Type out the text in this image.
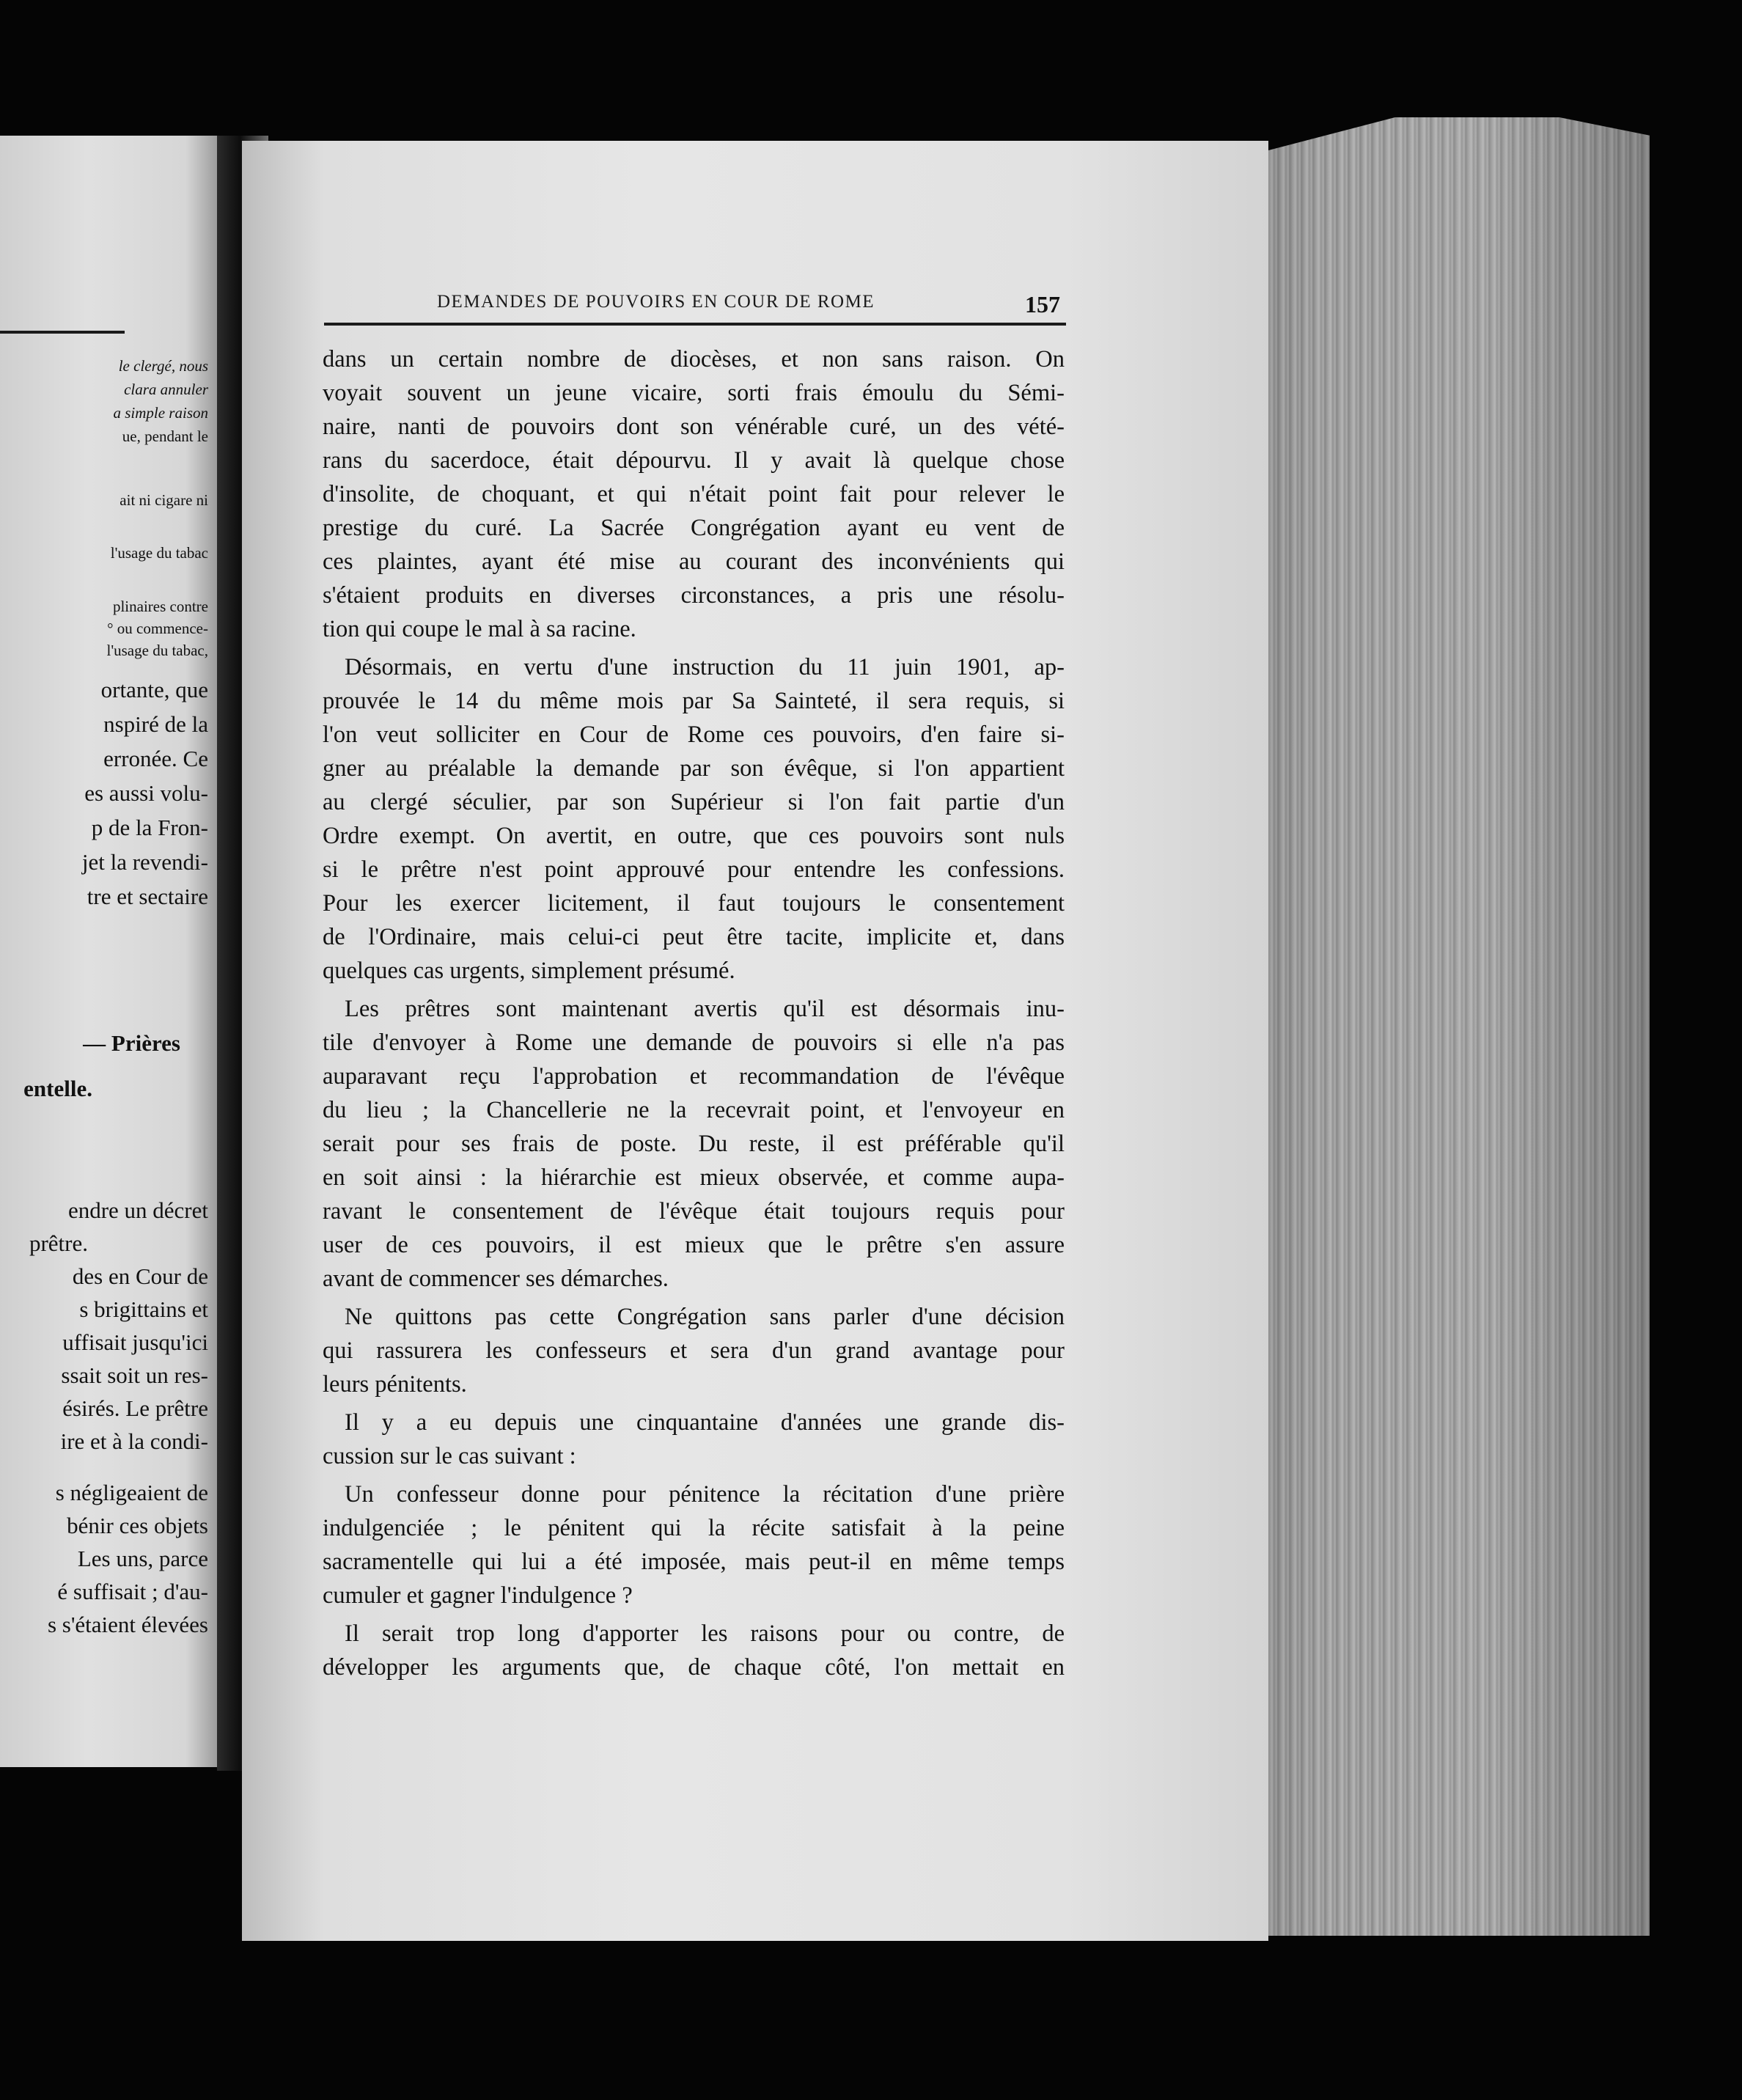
le clergé, nous
clara annuler
a simple raison
ue, pendant le
ait ni cigare ni
l'usage du tabac
plinaires contre
° ou commence-
l'usage du tabac,
ortante, que
nspiré de la
erronée. Ce
es aussi volu-
p de la Fron-
jet la revendi-
tre et sectaire
— Prières
entelle.
endre un décret
prêtre.
des en Cour de
s brigittains et
uffisait jusqu'ici
ssait soit un res-
ésirés. Le prêtre
ire et à la condi-
s négligeaient de
bénir ces objets
Les uns, parce
é suffisait ; d'au-
s s'étaient élevées
DEMANDES DE POUVOIRS EN COUR DE ROME	157
dans un certain nombre de diocèses, et non sans raison. On
voyait souvent un jeune vicaire, sorti frais émoulu du Sémi-
naire, nanti de pouvoirs dont son vénérable curé, un des vété-
rans du sacerdoce, était dépourvu. Il y avait là quelque chose
d'insolite, de choquant, et qui n'était point fait pour relever le
prestige du curé. La Sacrée Congrégation ayant eu vent de
ces plaintes, ayant été mise au courant des inconvénients qui
s'étaient produits en diverses circonstances, a pris une résolu-
tion qui coupe le mal à sa racine.
Désormais, en vertu d'une instruction du 11 juin 1901, ap-
prouvée le 14 du même mois par Sa Sainteté, il sera requis, si
l'on veut solliciter en Cour de Rome ces pouvoirs, d'en faire si-
gner au préalable la demande par son évêque, si l'on appartient
au clergé séculier, par son Supérieur si l'on fait partie d'un
Ordre exempt. On avertit, en outre, que ces pouvoirs sont nuls
si le prêtre n'est point approuvé pour entendre les confessions.
Pour les exercer licitement, il faut toujours le consentement
de l'Ordinaire, mais celui-ci peut être tacite, implicite et, dans
quelques cas urgents, simplement présumé.
Les prêtres sont maintenant avertis qu'il est désormais inu-
tile d'envoyer à Rome une demande de pouvoirs si elle n'a pas
auparavant reçu l'approbation et recommandation de l'évêque
du lieu ; la Chancellerie ne la recevrait point, et l'envoyeur en
serait pour ses frais de poste. Du reste, il est préférable qu'il
en soit ainsi : la hiérarchie est mieux observée, et comme aupa-
ravant le consentement de l'évêque était toujours requis pour
user de ces pouvoirs, il est mieux que le prêtre s'en assure
avant de commencer ses démarches.
Ne quittons pas cette Congrégation sans parler d'une décision
qui rassurera les confesseurs et sera d'un grand avantage pour
leurs pénitents.
Il y a eu depuis une cinquantaine d'années une grande dis-
cussion sur le cas suivant :
Un confesseur donne pour pénitence la récitation d'une prière
indulgenciée ; le pénitent qui la récite satisfait à la peine
sacramentelle qui lui a été imposée, mais peut-il en même temps
cumuler et gagner l'indulgence ?
Il serait trop long d'apporter les raisons pour ou contre, de
développer les arguments que, de chaque côté, l'on mettait en
